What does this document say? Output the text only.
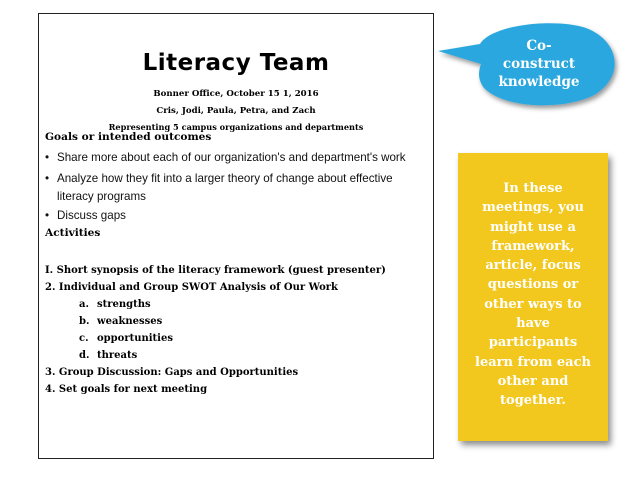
Literacy Team
Bonner Office, October 15 1, 2016
Cris, Jodi, Paula, Petra, and Zach
Representing 5 campus organizations and departments
Goals or intended outcomes
• Share more about each of our organization's and department's work
• Analyze how they fit into a larger theory of change about effective
literacy programs
• Discuss gaps
Activities
I. Short synopsis of the literacy framework (guest presenter)
2. Individual and Group SWOT Analysis of Our Work
a. strengths
b. weaknesses
c. opportunities
d. threats
3. Group Discussion: Gaps and Opportunities
4. Set goals for next meeting
Co-
construct
knowledge
In these
meetings, you
might use a
framework,
article, focus
questions or
other ways to
have
participants
learn from each
other and
together.
